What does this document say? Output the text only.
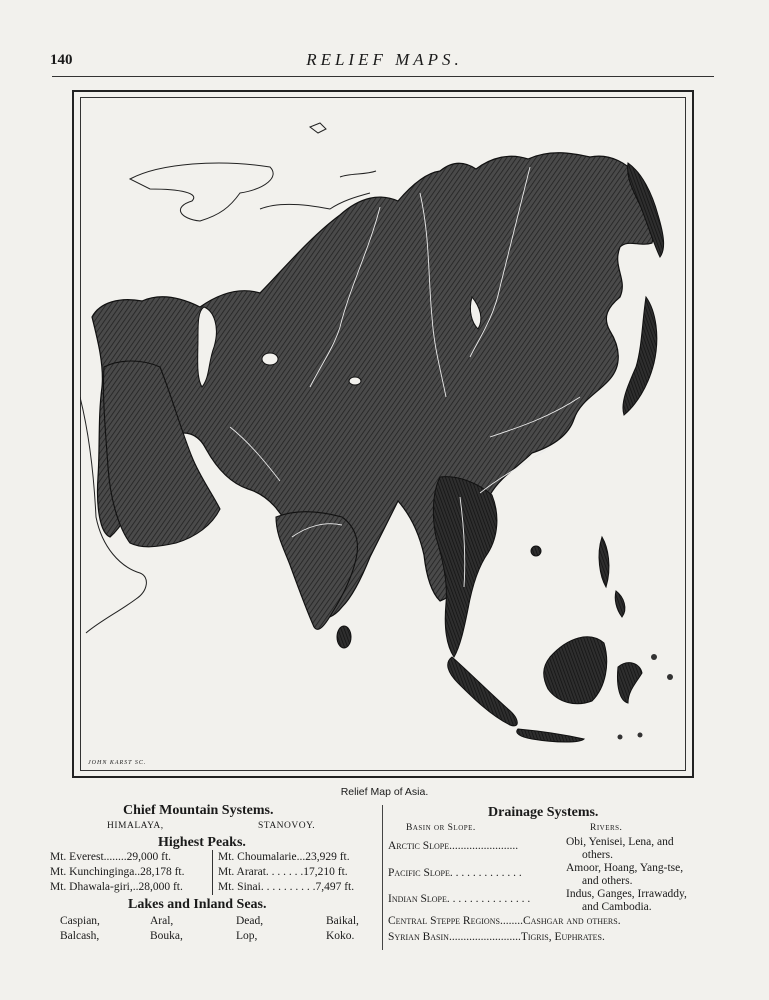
140	RELIEF MAPS.
JOHN KARST SC.
Relief Map of Asia.
Chief Mountain Systems.
HIMALAYA,	STANOVOY.
Highest Peaks.
Mt. Everest........29,000 ft.
Mt. Kunchinginga..28,178 ft.
Mt. Dhawala-giri,..28,000 ft.
Mt. Choumalarie...23,929 ft.
Mt. Ararat. . . . . . .17,210 ft.
Mt. Sinai. . . . . . . . . .7,497 ft.
Lakes and Inland Seas.
Caspian,	Aral,	Dead,	Baikal,
Balcash,	Bouka,	Lop,	Koko.
Drainage Systems.
Basin or Slope.	Rivers.
Arctic Slope........................	Obi, Yenisei, Lena, and
others.
Pacific Slope. . . . . . . . . . . . .	Amoor, Hoang, Yang-tse,
and others.
Indian Slope. . . . . . . . . . . . . . .	Indus, Ganges, Irrawaddy,
and Cambodia.
Central Steppe Regions........Cashgar and others.
Syrian Basin.........................Tigris, Euphrates.
